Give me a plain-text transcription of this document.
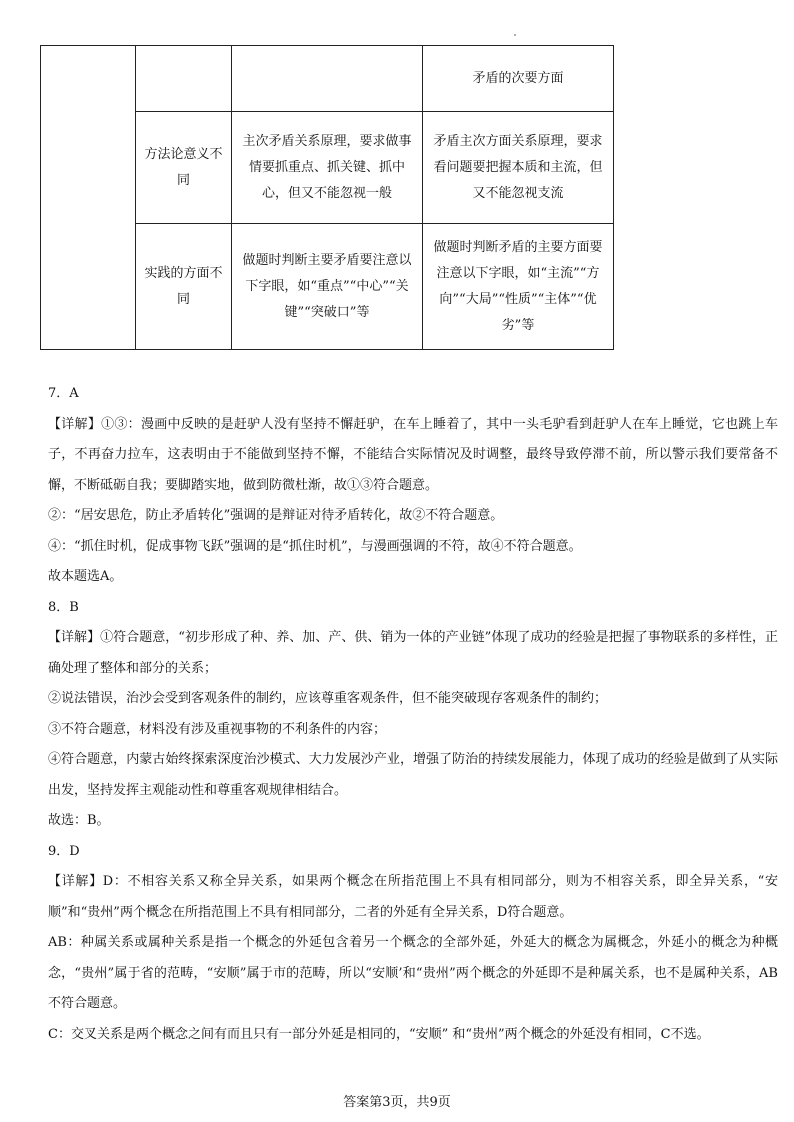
			矛盾的次要方面
	方法论意义不同	主次矛盾关系原理，要求做事情要抓重点、抓关键、抓中心，但又不能忽视一般	矛盾主次方面关系原理，要求看问题要把握本质和主流，但又不能忽视支流
	实践的方面不同	做题时判断主要矛盾要注意以下字眼，如“重点”“中心”“关键”“突破口”等	做题时判断矛盾的主要方面要注意以下字眼，如“主流”“方向”“大局”“性质”“主体”“优劣”等

7．A

【详解】①③：漫画中反映的是赶驴人没有坚持不懈赶驴，在车上睡着了，其中一头毛驴看到赶驴人在车上睡觉，它也跳上车子，不再奋力拉车，这表明由于不能做到坚持不懈，不能结合实际情况及时调整，最终导致停滞不前，所以警示我们要常备不懈，不断砥砺自我；要脚踏实地，做到防微杜渐，故①③符合题意。

②：“居安思危，防止矛盾转化”强调的是辩证对待矛盾转化，故②不符合题意。

④：“抓住时机，促成事物飞跃”强调的是“抓住时机”，与漫画强调的不符，故④不符合题意。

故本题选A。

8．B

【详解】①符合题意，“初步形成了种、养、加、产、供、销为一体的产业链”体现了成功的经验是把握了事物联系的多样性，正确处理了整体和部分的关系；

②说法错误，治沙会受到客观条件的制约，应该尊重客观条件，但不能突破现存客观条件的制约；

③不符合题意，材料没有涉及重视事物的不利条件的内容；

④符合题意，内蒙古始终探索深度治沙模式、大力发展沙产业，增强了防治的持续发展能力，体现了成功的经验是做到了从实际出发，坚持发挥主观能动性和尊重客观规律相结合。

故选：B。

9．D

【详解】D：不相容关系又称全异关系，如果两个概念在所指范围上不具有相同部分，则为不相容关系，即全异关系，“安顺”和“贵州”两个概念在所指范围上不具有相同部分，二者的外延有全异关系，D符合题意。

AB：种属关系或属种关系是指一个概念的外延包含着另一个概念的全部外延，外延大的概念为属概念，外延小的概念为种概念，“贵州”属于省的范畴，“安顺”属于市的范畴，所以“安顺’和“贵州”两个概念的外延即不是种属关系，也不是属种关系，AB不符合题意。

C：交叉关系是两个概念之间有而且只有一部分外延是相同的，“安顺” 和“贵州”两个概念的外延没有相同，C不选。

答案第3页，共9页
